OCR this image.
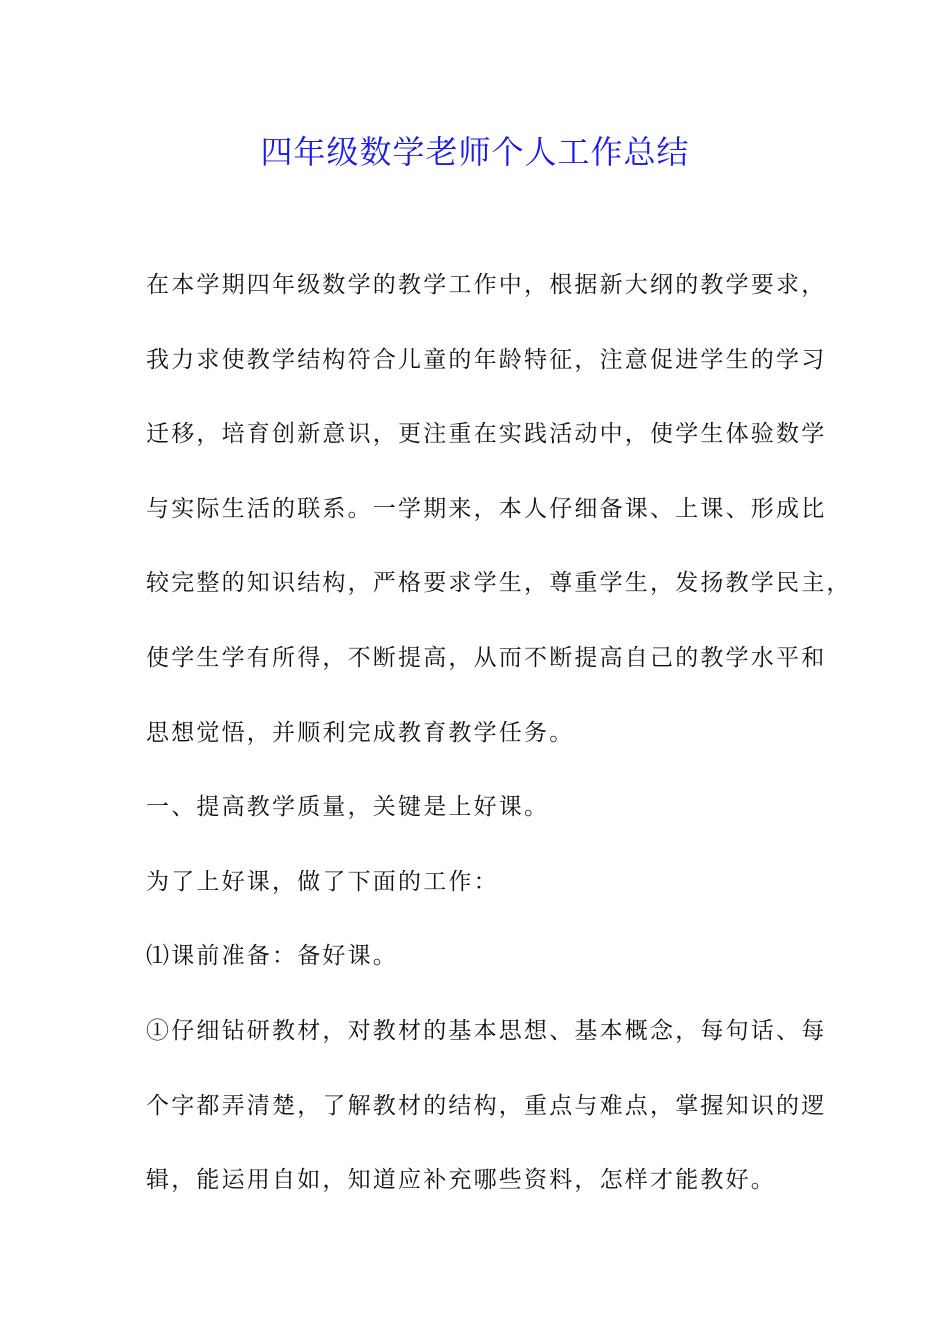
四年级数学老师个人工作总结

在本学期四年级数学的教学工作中，根据新大纲的教学要求，

我力求使教学结构符合儿童的年龄特征，注意促进学生的学习

迁移，培育创新意识，更注重在实践活动中，使学生体验数学

与实际生活的联系。一学期来，本人仔细备课、上课、形成比

较完整的知识结构，严格要求学生，尊重学生，发扬教学民主，

使学生学有所得，不断提高，从而不断提高自己的教学水平和

思想觉悟，并顺利完成教育教学任务。

一、提高教学质量，关键是上好课。

为了上好课，做了下面的工作：

⑴课前准备：备好课。

①仔细钻研教材，对教材的基本思想、基本概念，每句话、每

个字都弄清楚，了解教材的结构，重点与难点，掌握知识的逻

辑，能运用自如，知道应补充哪些资料，怎样才能教好。
